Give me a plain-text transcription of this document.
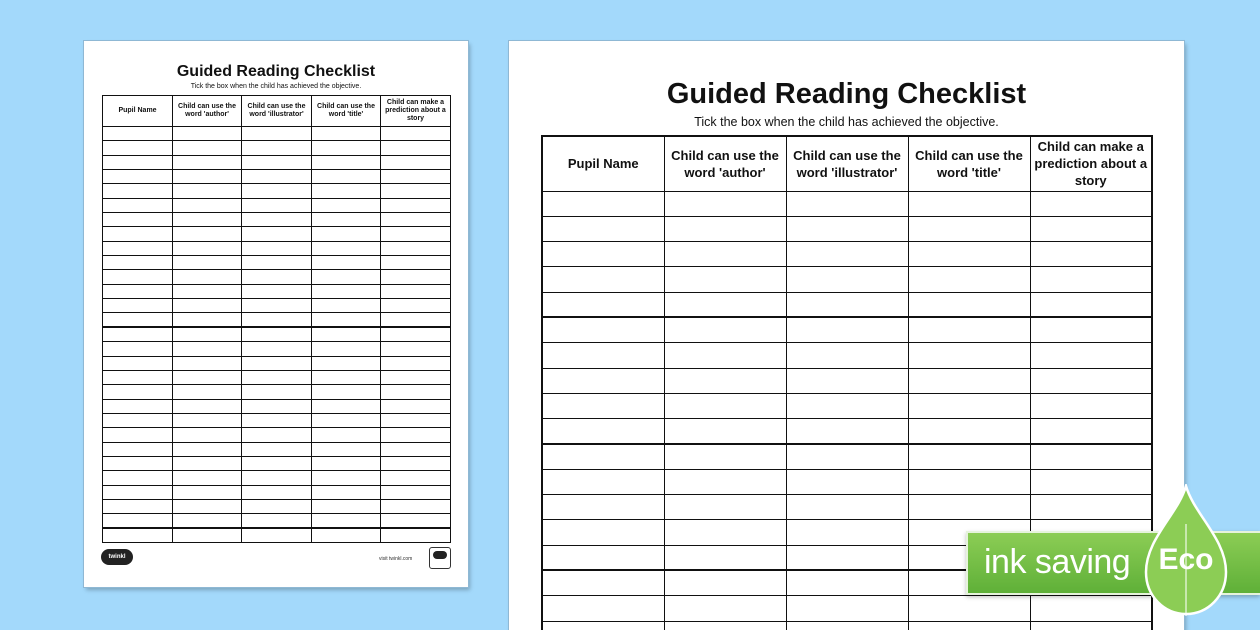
Guided Reading Checklist
Tick the box when the child has achieved the objective.
Pupil Name	Child can use the word 'author'	Child can use the word 'illustrator'	Child can use the word 'title'	Child can make a prediction about a story

twinkl	visit twinkl.com
Guided Reading Checklist
Tick the box when the child has achieved the objective.
Pupil Name	Child can use the word 'author'	Child can use the word 'illustrator'	Child can use the word 'title'	Child can make a prediction about a story

ink saving Eco
